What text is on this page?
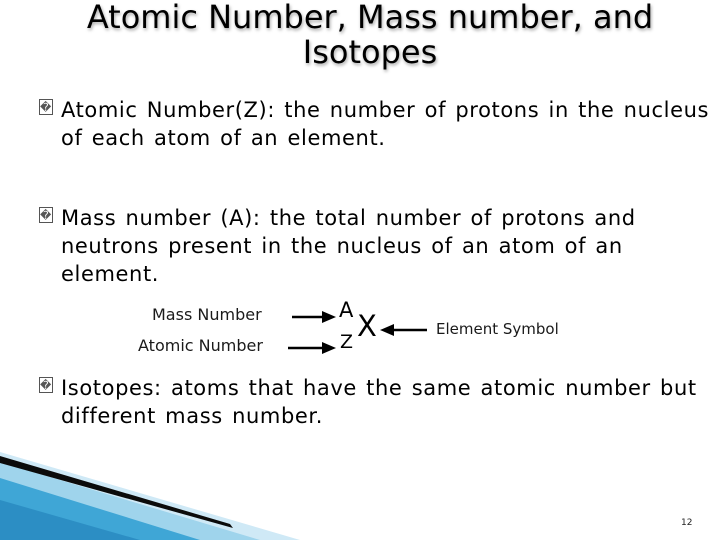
Atomic Number, Mass number, and
Isotopes
� Atomic Number(Z): the number of protons in the nucleus of each atom of an element.
� Mass number (A): the total number of protons and neutrons present in the nucleus of an atom of an element.
Mass Number
Atomic Number
A
Z X	Element Symbol
� Isotopes: atoms that have the same atomic number but different mass number.
12
